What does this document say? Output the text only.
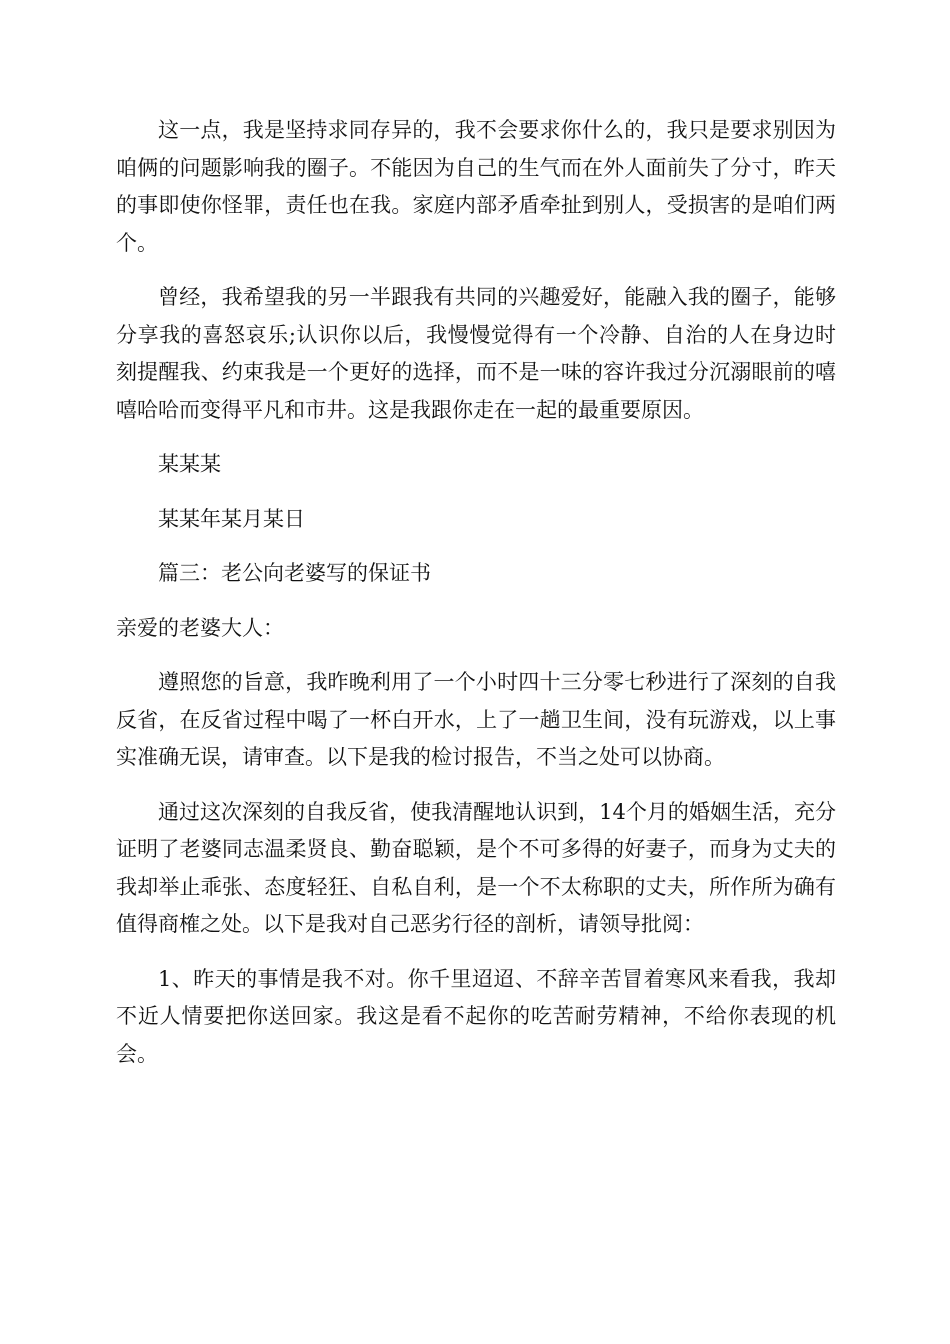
这一点，我是坚持求同存异的，我不会要求你什么的，我只是要求别因为咱俩的问题影响我的圈子。不能因为自己的生气而在外人面前失了分寸，昨天的事即使你怪罪，责任也在我。家庭内部矛盾牵扯到别人，受损害的是咱们两个。

曾经，我希望我的另一半跟我有共同的兴趣爱好，能融入我的圈子，能够分享我的喜怒哀乐;认识你以后，我慢慢觉得有一个冷静、自治的人在身边时刻提醒我、约束我是一个更好的选择，而不是一味的容许我过分沉溺眼前的嘻嘻哈哈而变得平凡和市井。这是我跟你走在一起的最重要原因。

某某某

某某年某月某日

篇三：老公向老婆写的保证书

亲爱的老婆大人：

遵照您的旨意，我昨晚利用了一个小时四十三分零七秒进行了深刻的自我反省，在反省过程中喝了一杯白开水，上了一趟卫生间，没有玩游戏，以上事实准确无误，请审查。以下是我的检讨报告，不当之处可以协商。

通过这次深刻的自我反省，使我清醒地认识到，14个月的婚姻生活，充分证明了老婆同志温柔贤良、勤奋聪颖，是个不可多得的好妻子，而身为丈夫的我却举止乖张、态度轻狂、自私自利，是一个不太称职的丈夫，所作所为确有值得商榷之处。以下是我对自己恶劣行径的剖析，请领导批阅：

1、昨天的事情是我不对。你千里迢迢、不辞辛苦冒着寒风来看我，我却不近人情要把你送回家。我这是看不起你的吃苦耐劳精神，不给你表现的机会。
